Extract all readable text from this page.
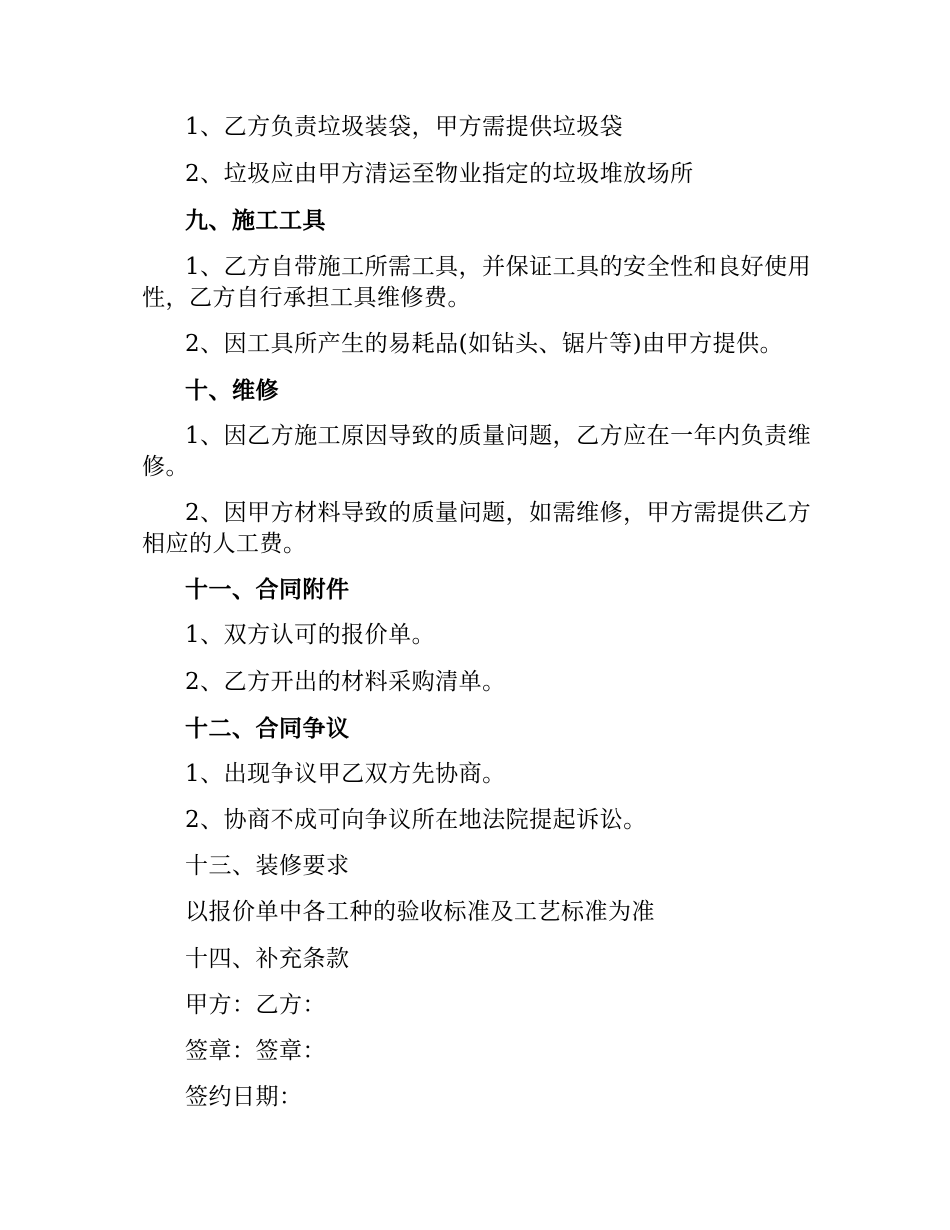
1、乙方负责垃圾装袋，甲方需提供垃圾袋
2、垃圾应由甲方清运至物业指定的垃圾堆放场所
九、施工工具
1、乙方自带施工所需工具，并保证工具的安全性和良好使用性，乙方自行承担工具维修费。
2、因工具所产生的易耗品(如钻头、锯片等)由甲方提供。
十、维修
1、因乙方施工原因导致的质量问题，乙方应在一年内负责维修。
2、因甲方材料导致的质量问题，如需维修，甲方需提供乙方相应的人工费。
十一、合同附件
1、双方认可的报价单。
2、乙方开出的材料采购清单。
十二、合同争议
1、出现争议甲乙双方先协商。
2、协商不成可向争议所在地法院提起诉讼。
十三、装修要求
以报价单中各工种的验收标准及工艺标准为准
十四、补充条款
甲方：乙方：
签章：签章：
签约日期：
